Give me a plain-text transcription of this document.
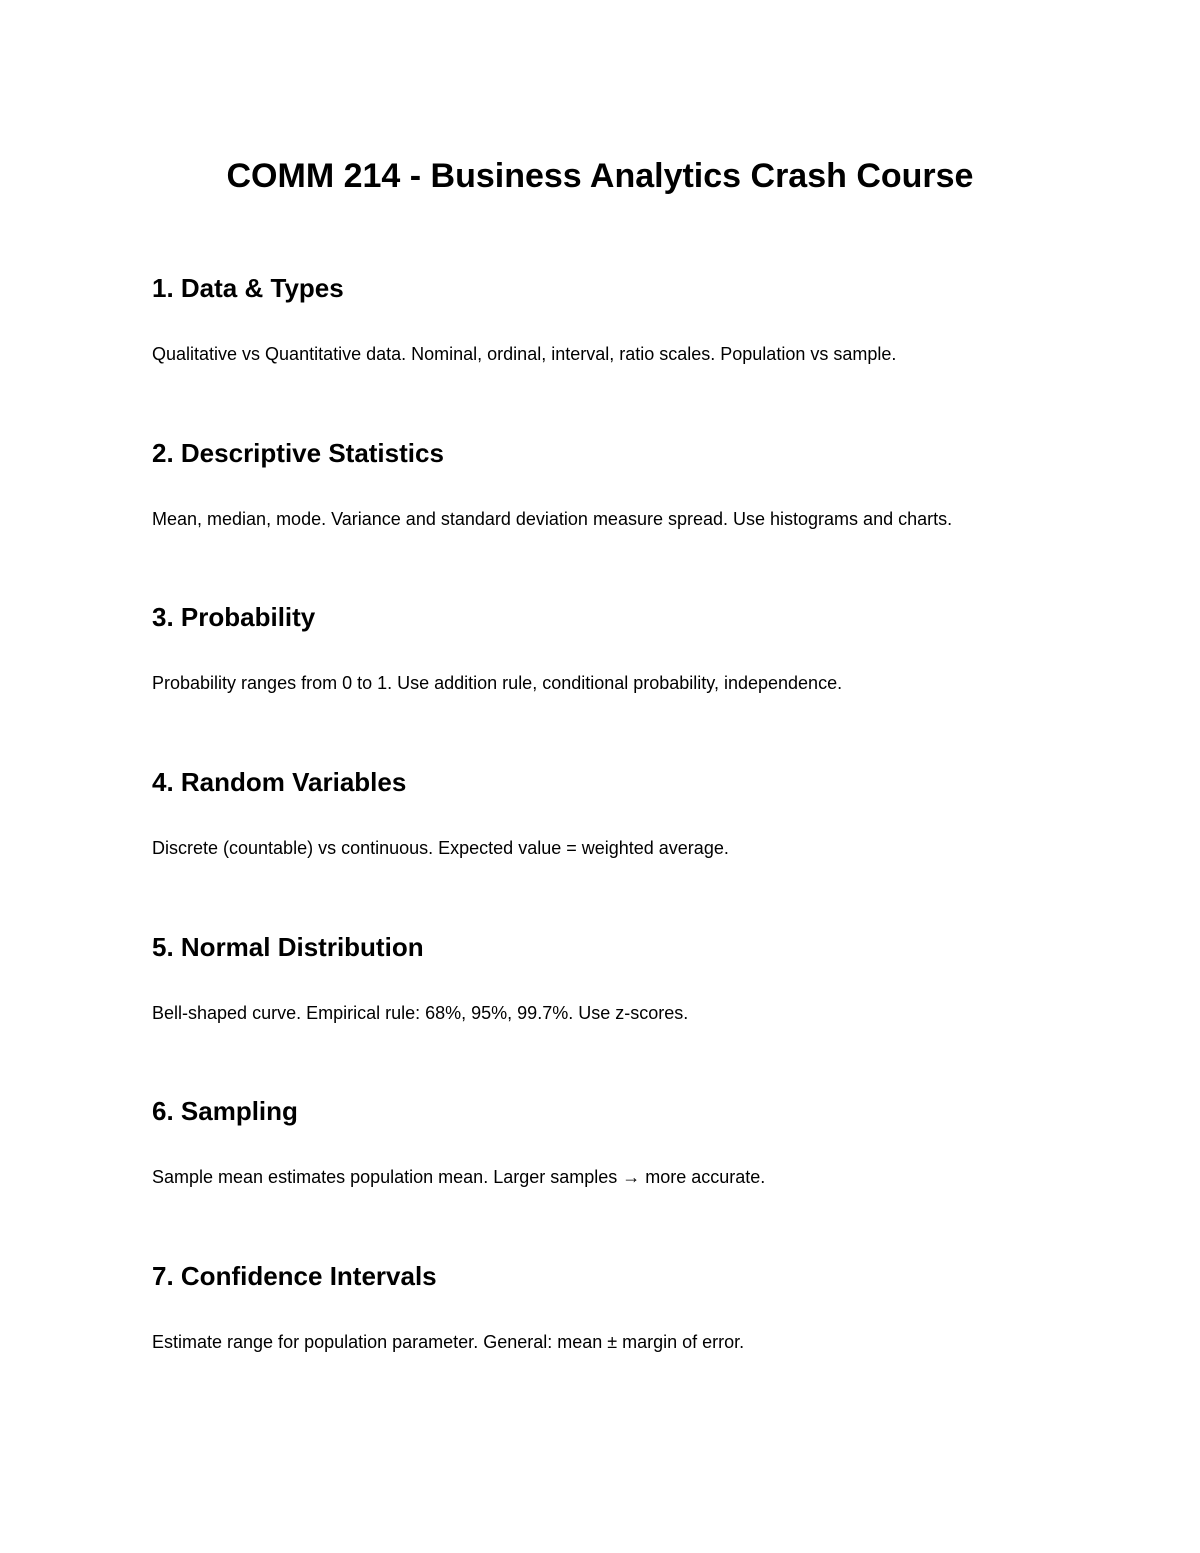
COMM 214 - Business Analytics Crash Course
1. Data & Types

Qualitative vs Quantitative data. Nominal, ordinal, interval, ratio scales. Population vs sample.

2. Descriptive Statistics

Mean, median, mode. Variance and standard deviation measure spread. Use histograms and charts.

3. Probability

Probability ranges from 0 to 1. Use addition rule, conditional probability, independence.

4. Random Variables

Discrete (countable) vs continuous. Expected value = weighted average.

5. Normal Distribution

Bell-shaped curve. Empirical rule: 68%, 95%, 99.7%. Use z-scores.

6. Sampling

Sample mean estimates population mean. Larger samples → more accurate.

7. Confidence Intervals

Estimate range for population parameter. General: mean ± margin of error.
